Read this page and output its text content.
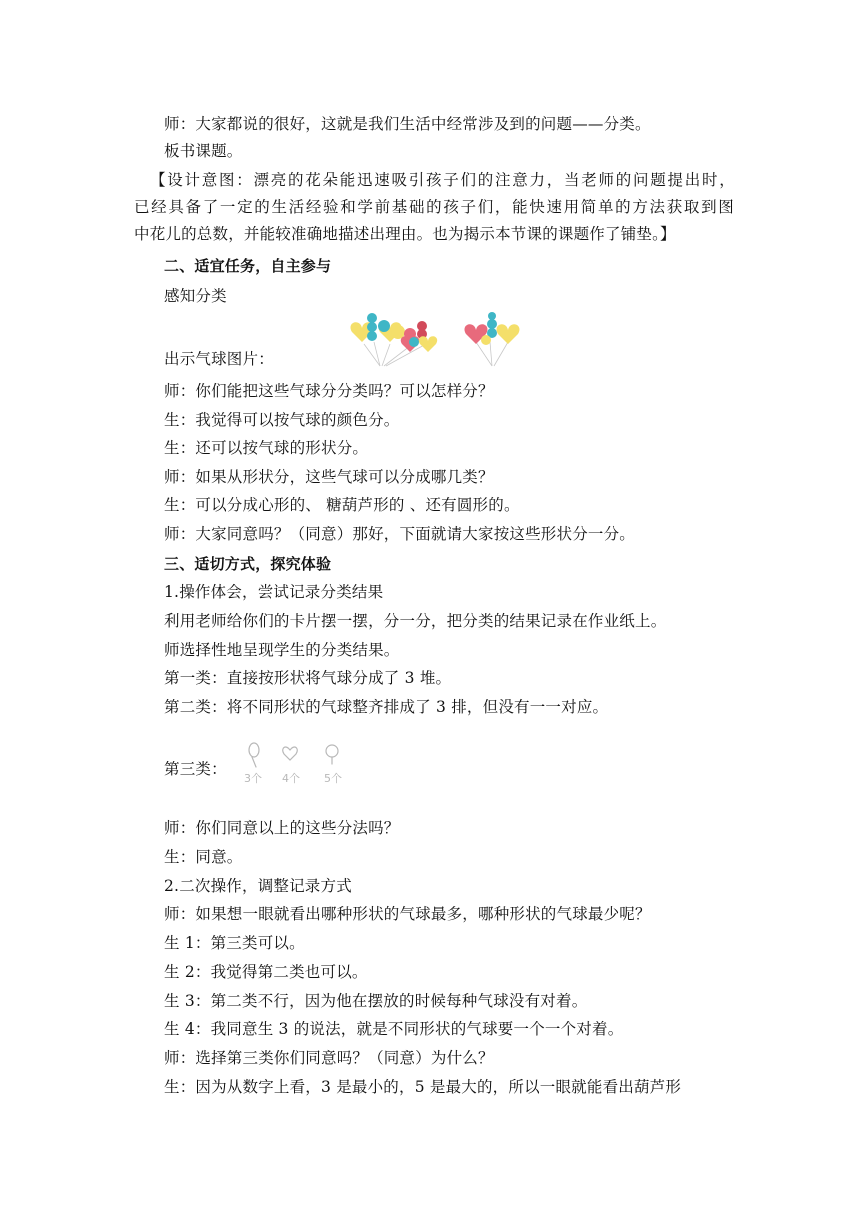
师：大家都说的很好，这就是我们生活中经常涉及到的问题——分类。
板书课题。
【设计意图：漂亮的花朵能迅速吸引孩子们的注意力，当老师的问题提出时，
已经具备了一定的生活经验和学前基础的孩子们，能快速用简单的方法获取到图
中花儿的总数，并能较准确地描述出理由。也为揭示本节课的课题作了铺垫。】
二、适宜任务，自主参与
感知分类
出示气球图片：
师：你们能把这些气球分分类吗？可以怎样分？
生：我觉得可以按气球的颜色分。
生：还可以按气球的形状分。
师：如果从形状分，这些气球可以分成哪几类？
生：可以分成心形的、 糖葫芦形的 、还有圆形的。
师：大家同意吗？（同意）那好，下面就请大家按这些形状分一分。
三、适切方式，探究体验
1.操作体会，尝试记录分类结果
利用老师给你们的卡片摆一摆，分一分，把分类的结果记录在作业纸上。
师选择性地呈现学生的分类结果。
第一类：直接按形状将气球分成了 3 堆。
第二类：将不同形状的气球整齐排成了 3 排，但没有一一对应。
第三类：
3个 4个 5个
师：你们同意以上的这些分法吗？
生：同意。
2.二次操作，调整记录方式
师：如果想一眼就看出哪种形状的气球最多，哪种形状的气球最少呢？
生 1：第三类可以。
生 2：我觉得第二类也可以。
生 3：第二类不行，因为他在摆放的时候每种气球没有对着。
生 4：我同意生 3 的说法，就是不同形状的气球要一个一个对着。
师：选择第三类你们同意吗？（同意）为什么？
生：因为从数字上看，3 是最小的，5 是最大的，所以一眼就能看出葫芦形
